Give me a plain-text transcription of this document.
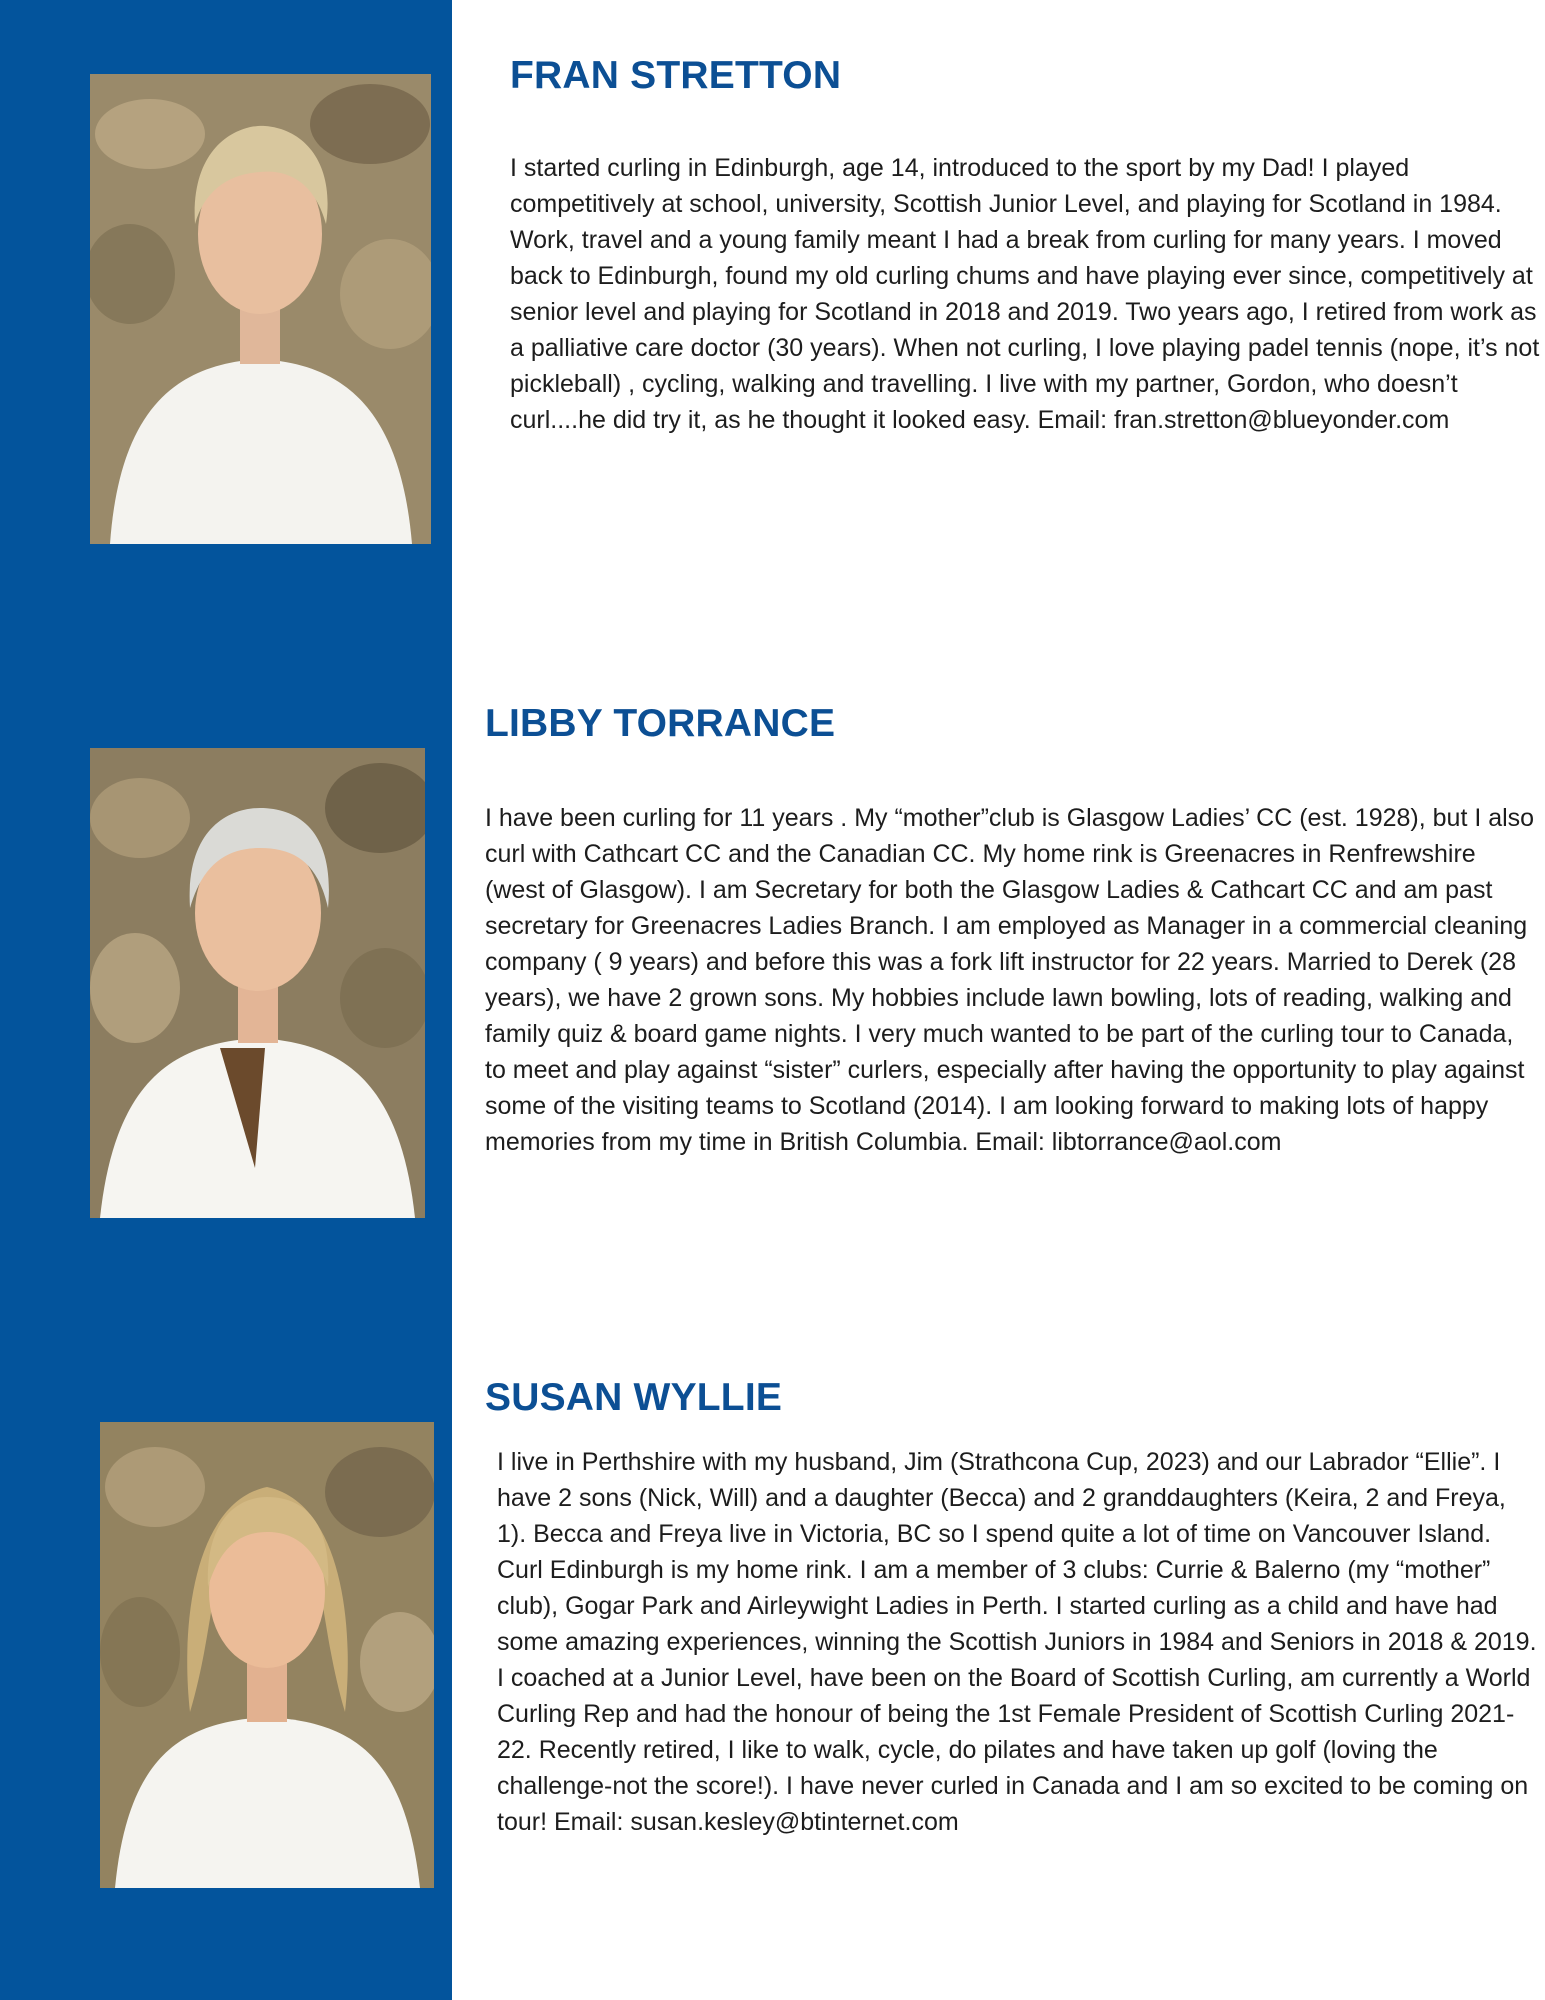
FRAN STRETTON

I started curling in Edinburgh, age 14, introduced to the sport by my Dad! I played competitively at school, university, Scottish Junior Level, and playing for Scotland in 1984. Work, travel and a young family meant I had a break from curling for many years. I moved back to Edinburgh, found my old curling chums and have playing ever since, competitively at senior level and playing for Scotland in 2018 and 2019. Two years ago, I retired from work as a palliative care doctor (30 years). When not curling, I love playing padel tennis (nope, it’s not pickleball) , cycling, walking and travelling. I live with my partner, Gordon, who doesn’t curl....he did try it, as he thought it looked easy. Email: fran.stretton@blueyonder.com

LIBBY TORRANCE

I have been curling for 11 years . My “mother”club is Glasgow Ladies’ CC (est. 1928), but I also curl with Cathcart CC and the Canadian CC. My home rink is Greenacres in Renfrewshire (west of Glasgow). I am Secretary for both the Glasgow Ladies & Cathcart CC and am past secretary for Greenacres Ladies Branch. I am employed as Manager in a commercial cleaning company ( 9 years) and before this was a fork lift instructor for 22 years. Married to Derek (28 years), we have 2 grown sons. My hobbies include lawn bowling, lots of reading, walking and family quiz & board game nights. I very much wanted to be part of the curling tour to Canada, to meet and play against “sister” curlers, especially after having the opportunity to play against some of the visiting teams to Scotland (2014). I am looking forward to making lots of happy memories from my time in British Columbia. Email: libtorrance@aol.com

SUSAN WYLLIE

I live in Perthshire with my husband, Jim (Strathcona Cup, 2023) and our Labrador “Ellie”. I have 2 sons (Nick, Will) and a daughter (Becca) and 2 granddaughters (Keira, 2 and Freya, 1). Becca and Freya live in Victoria, BC so I spend quite a lot of time on Vancouver Island. Curl Edinburgh is my home rink. I am a member of 3 clubs: Currie & Balerno (my “mother” club), Gogar Park and Airleywight Ladies in Perth. I started curling as a child and have had some amazing experiences, winning the Scottish Juniors in 1984 and Seniors in 2018 & 2019. I coached at a Junior Level, have been on the Board of Scottish Curling, am currently a World Curling Rep and had the honour of being the 1st Female President of Scottish Curling 2021-22. Recently retired, I like to walk, cycle, do pilates and have taken up golf (loving the challenge-not the score!). I have never curled in Canada and I am so excited to be coming on tour! Email: susan.kesley@btinternet.com
